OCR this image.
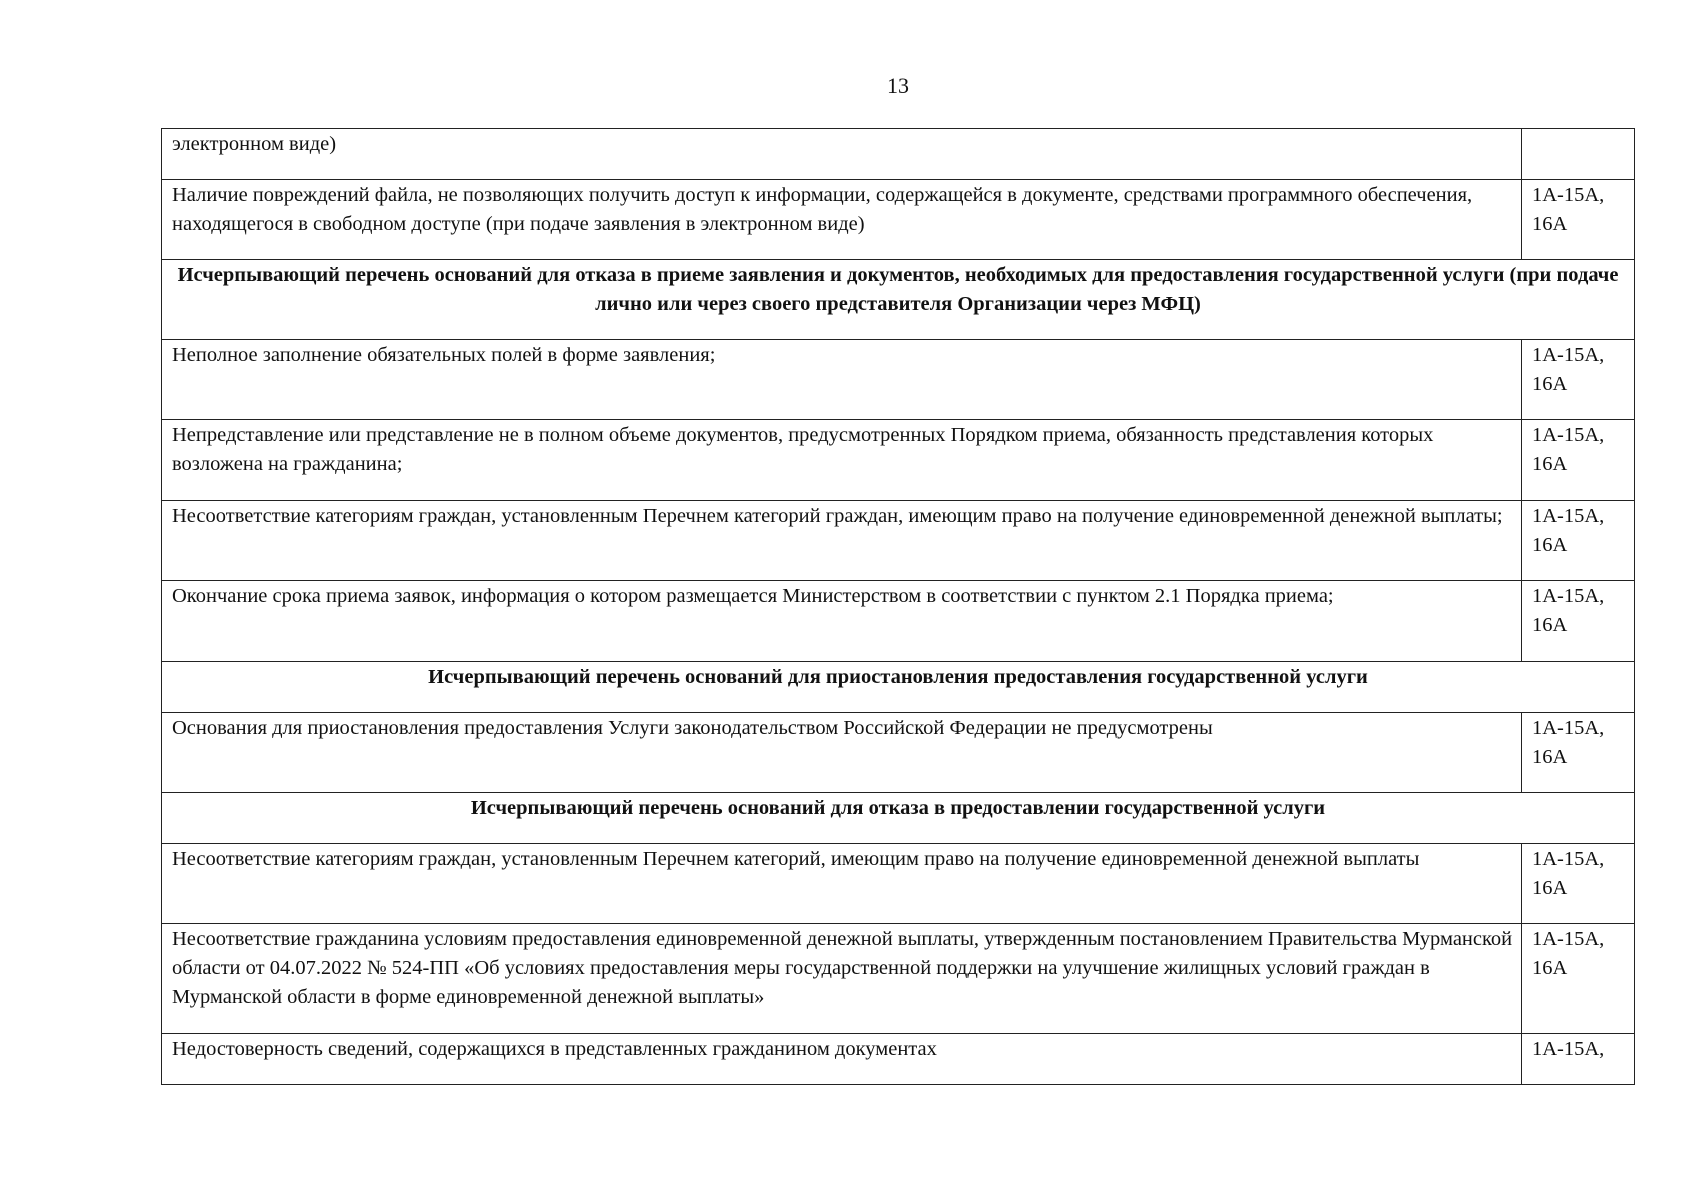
13
электронном виде)	
Наличие повреждений файла, не позволяющих получить доступ к информации, содержащейся в документе, средствами программного обеспечения, находящегося в свободном доступе (при подаче заявления в электронном виде)	1А-15А, 16А
Исчерпывающий перечень оснований для отказа в приеме заявления и документов, необходимых для предоставления государственной услуги (при подаче лично или через своего представителя Организации через МФЦ)	
Неполное заполнение обязательных полей в форме заявления;	1А-15А, 16А
Непредставление или представление не в полном объеме документов, предусмотренных Порядком приема, обязанность представления которых возложена на гражданина;	1А-15А, 16А
Несоответствие категориям граждан, установленным Перечнем категорий граждан, имеющим право на получение единовременной денежной выплаты;	1А-15А, 16А
Окончание срока приема заявок, информация о котором размещается Министерством в соответствии с пунктом 2.1 Порядка приема;	1А-15А, 16А
Исчерпывающий перечень оснований для приостановления предоставления государственной услуги	
Основания для приостановления предоставления Услуги законодательством Российской Федерации не предусмотрены	1А-15А, 16А
Исчерпывающий перечень оснований для отказа в предоставлении государственной услуги	
Несоответствие категориям граждан, установленным Перечнем категорий, имеющим право на получение единовременной денежной выплаты	1А-15А, 16А
Несоответствие гражданина условиям предоставления единовременной денежной выплаты, утвержденным постановлением Правительства Мурманской области от 04.07.2022 № 524-ПП «Об условиях предоставления меры государственной поддержки на улучшение жилищных условий граждан в Мурманской области в форме единовременной денежной выплаты»	1А-15А, 16А
Недостоверность сведений, содержащихся в представленных гражданином документах	1А-15А,
